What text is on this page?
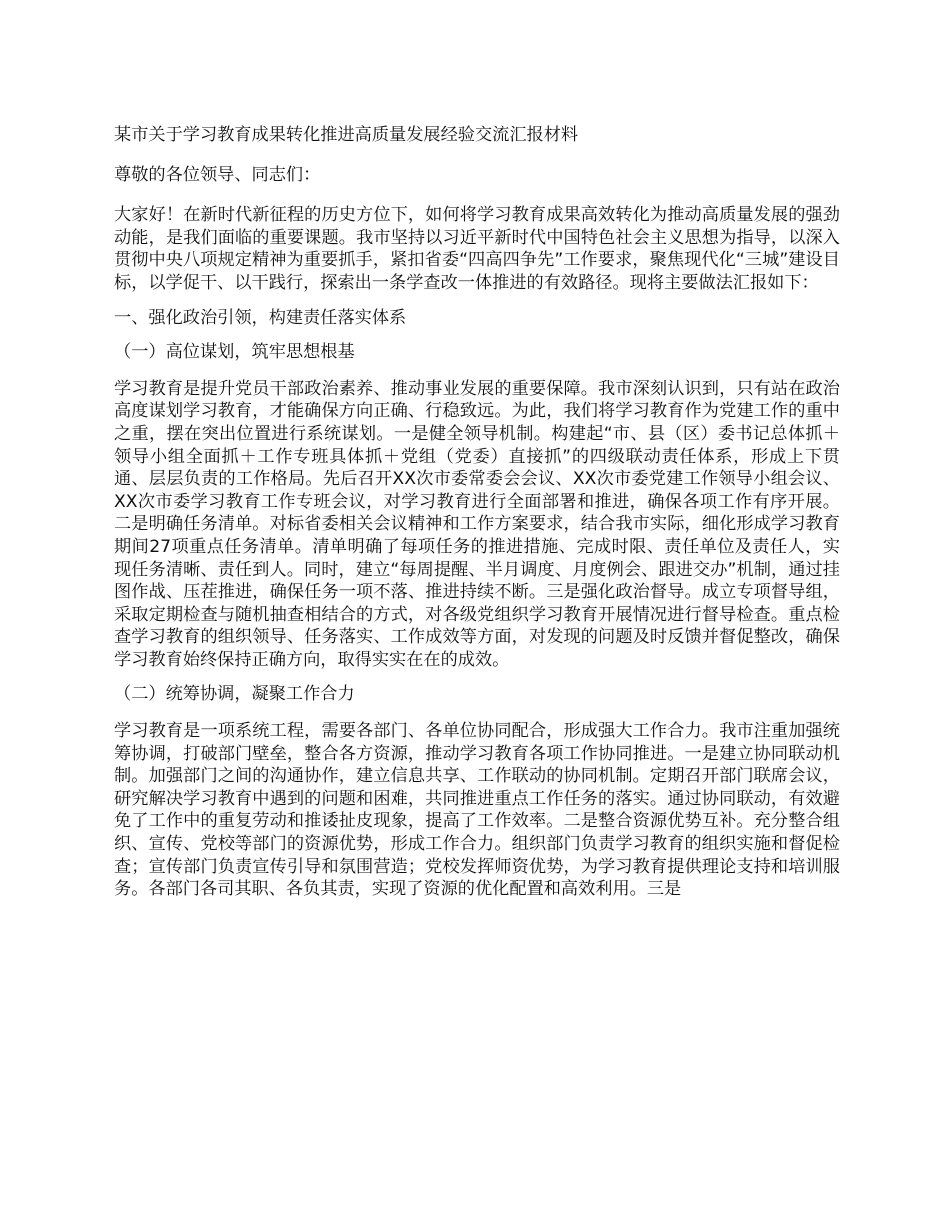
某市关于学习教育成果转化推进高质量发展经验交流汇报材料

尊敬的各位领导、同志们：

大家好！在新时代新征程的历史方位下，如何将学习教育成果高效转化为推动高质量发展的强劲动能，是我们面临的重要课题。我市坚持以习近平新时代中国特色社会主义思想为指导，以深入贯彻中央八项规定精神为重要抓手，紧扣省委“四高四争先”工作要求，聚焦现代化“三城”建设目标，以学促干、以干践行，探索出一条学查改一体推进的有效路径。现将主要做法汇报如下：

一、强化政治引领，构建责任落实体系

（一）高位谋划，筑牢思想根基

学习教育是提升党员干部政治素养、推动事业发展的重要保障。我市深刻认识到，只有站在政治高度谋划学习教育，才能确保方向正确、行稳致远。为此，我们将学习教育作为党建工作的重中之重，摆在突出位置进行系统谋划。一是健全领导机制。构建起“市、县（区）委书记总体抓＋领导小组全面抓＋工作专班具体抓＋党组（党委）直接抓”的四级联动责任体系，形成上下贯通、层层负责的工作格局。先后召开XX次市委常委会会议、XX次市委党建工作领导小组会议、XX次市委学习教育工作专班会议，对学习教育进行全面部署和推进，确保各项工作有序开展。二是明确任务清单。对标省委相关会议精神和工作方案要求，结合我市实际，细化形成学习教育期间27项重点任务清单。清单明确了每项任务的推进措施、完成时限、责任单位及责任人，实现任务清晰、责任到人。同时，建立“每周提醒、半月调度、月度例会、跟进交办”机制，通过挂图作战、压茬推进，确保任务一项不落、推进持续不断。三是强化政治督导。成立专项督导组，采取定期检查与随机抽查相结合的方式，对各级党组织学习教育开展情况进行督导检查。重点检查学习教育的组织领导、任务落实、工作成效等方面，对发现的问题及时反馈并督促整改，确保学习教育始终保持正确方向，取得实实在在的成效。

（二）统筹协调，凝聚工作合力

学习教育是一项系统工程，需要各部门、各单位协同配合，形成强大工作合力。我市注重加强统筹协调，打破部门壁垒，整合各方资源，推动学习教育各项工作协同推进。一是建立协同联动机制。加强部门之间的沟通协作，建立信息共享、工作联动的协同机制。定期召开部门联席会议，研究解决学习教育中遇到的问题和困难，共同推进重点工作任务的落实。通过协同联动，有效避免了工作中的重复劳动和推诿扯皮现象，提高了工作效率。二是整合资源优势互补。充分整合组织、宣传、党校等部门的资源优势，形成工作合力。组织部门负责学习教育的组织实施和督促检查；宣传部门负责宣传引导和氛围营造；党校发挥师资优势，为学习教育提供理论支持和培训服务。各部门各司其职、各负其责，实现了资源的优化配置和高效利用。三是
